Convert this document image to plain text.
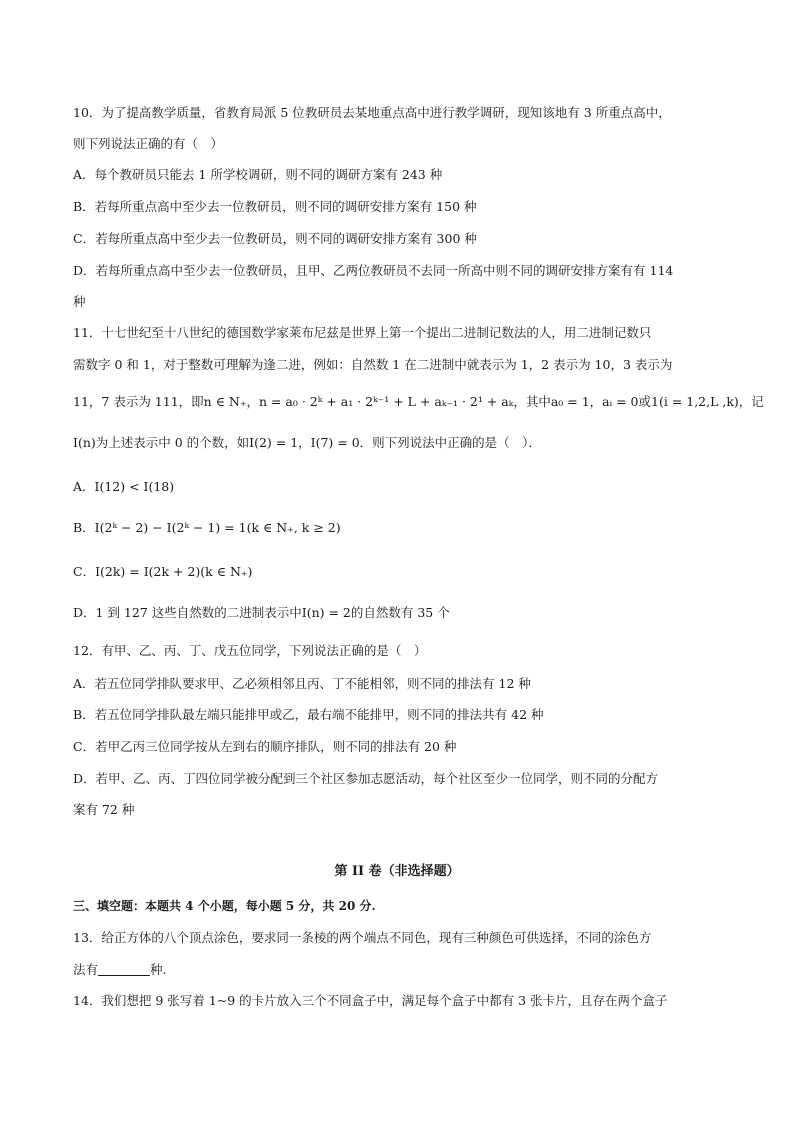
10．为了提高教学质量，省教育局派 5 位教研员去某地重点高中进行教学调研，现知该地有 3 所重点高中，
则下列说法正确的有（　）
A．每个教研员只能去 1 所学校调研，则不同的调研方案有 243 种
B．若每所重点高中至少去一位教研员，则不同的调研安排方案有 150 种
C．若每所重点高中至少去一位教研员，则不同的调研安排方案有 300 种
D．若每所重点高中至少去一位教研员，且甲、乙两位教研员不去同一所高中则不同的调研安排方案有有 114
种
11．十七世纪至十八世纪的德国数学家莱布尼兹是世界上第一个提出二进制记数法的人，用二进制记数只
需数字 0 和 1，对于整数可理解为逢二进，例如：自然数 1 在二进制中就表示为 1，2 表示为 10，3 表示为
11，7 表示为 111，即n ∈ N₊，n = a₀ · 2ᵏ + a₁ · 2ᵏ⁻¹ + L + aₖ₋₁ · 2¹ + aₖ，其中a₀ = 1，aᵢ = 0或1(i = 1,2,L ,k)，记
I(n)为上述表示中 0 的个数，如I(2) = 1，I(7) = 0．则下列说法中正确的是（　）．
A．I(12) < I(18)
B．I(2ᵏ − 2) − I(2ᵏ − 1) = 1(k ∈ N₊, k ≥ 2)
C．I(2k) = I(2k + 2)(k ∈ N₊)
D．1 到 127 这些自然数的二进制表示中I(n) = 2的自然数有 35 个
12．有甲、乙、丙、丁、戊五位同学，下列说法正确的是（　）
A．若五位同学排队要求甲、乙必须相邻且丙、丁不能相邻，则不同的排法有 12 种
B．若五位同学排队最左端只能排甲或乙，最右端不能排甲，则不同的排法共有 42 种
C．若甲乙丙三位同学按从左到右的顺序排队，则不同的排法有 20 种
D．若甲、乙、丙、丁四位同学被分配到三个社区参加志愿活动，每个社区至少一位同学，则不同的分配方
案有 72 种
第 II 卷（非选择题）
三、填空题：本题共 4 个小题，每小题 5 分，共 20 分.
13．给正方体的八个顶点涂色，要求同一条棱的两个端点不同色，现有三种颜色可供选择，不同的涂色方
法有	种.
14．我们想把 9 张写着 1~9 的卡片放入三个不同盒子中，满足每个盒子中都有 3 张卡片，且存在两个盒子
